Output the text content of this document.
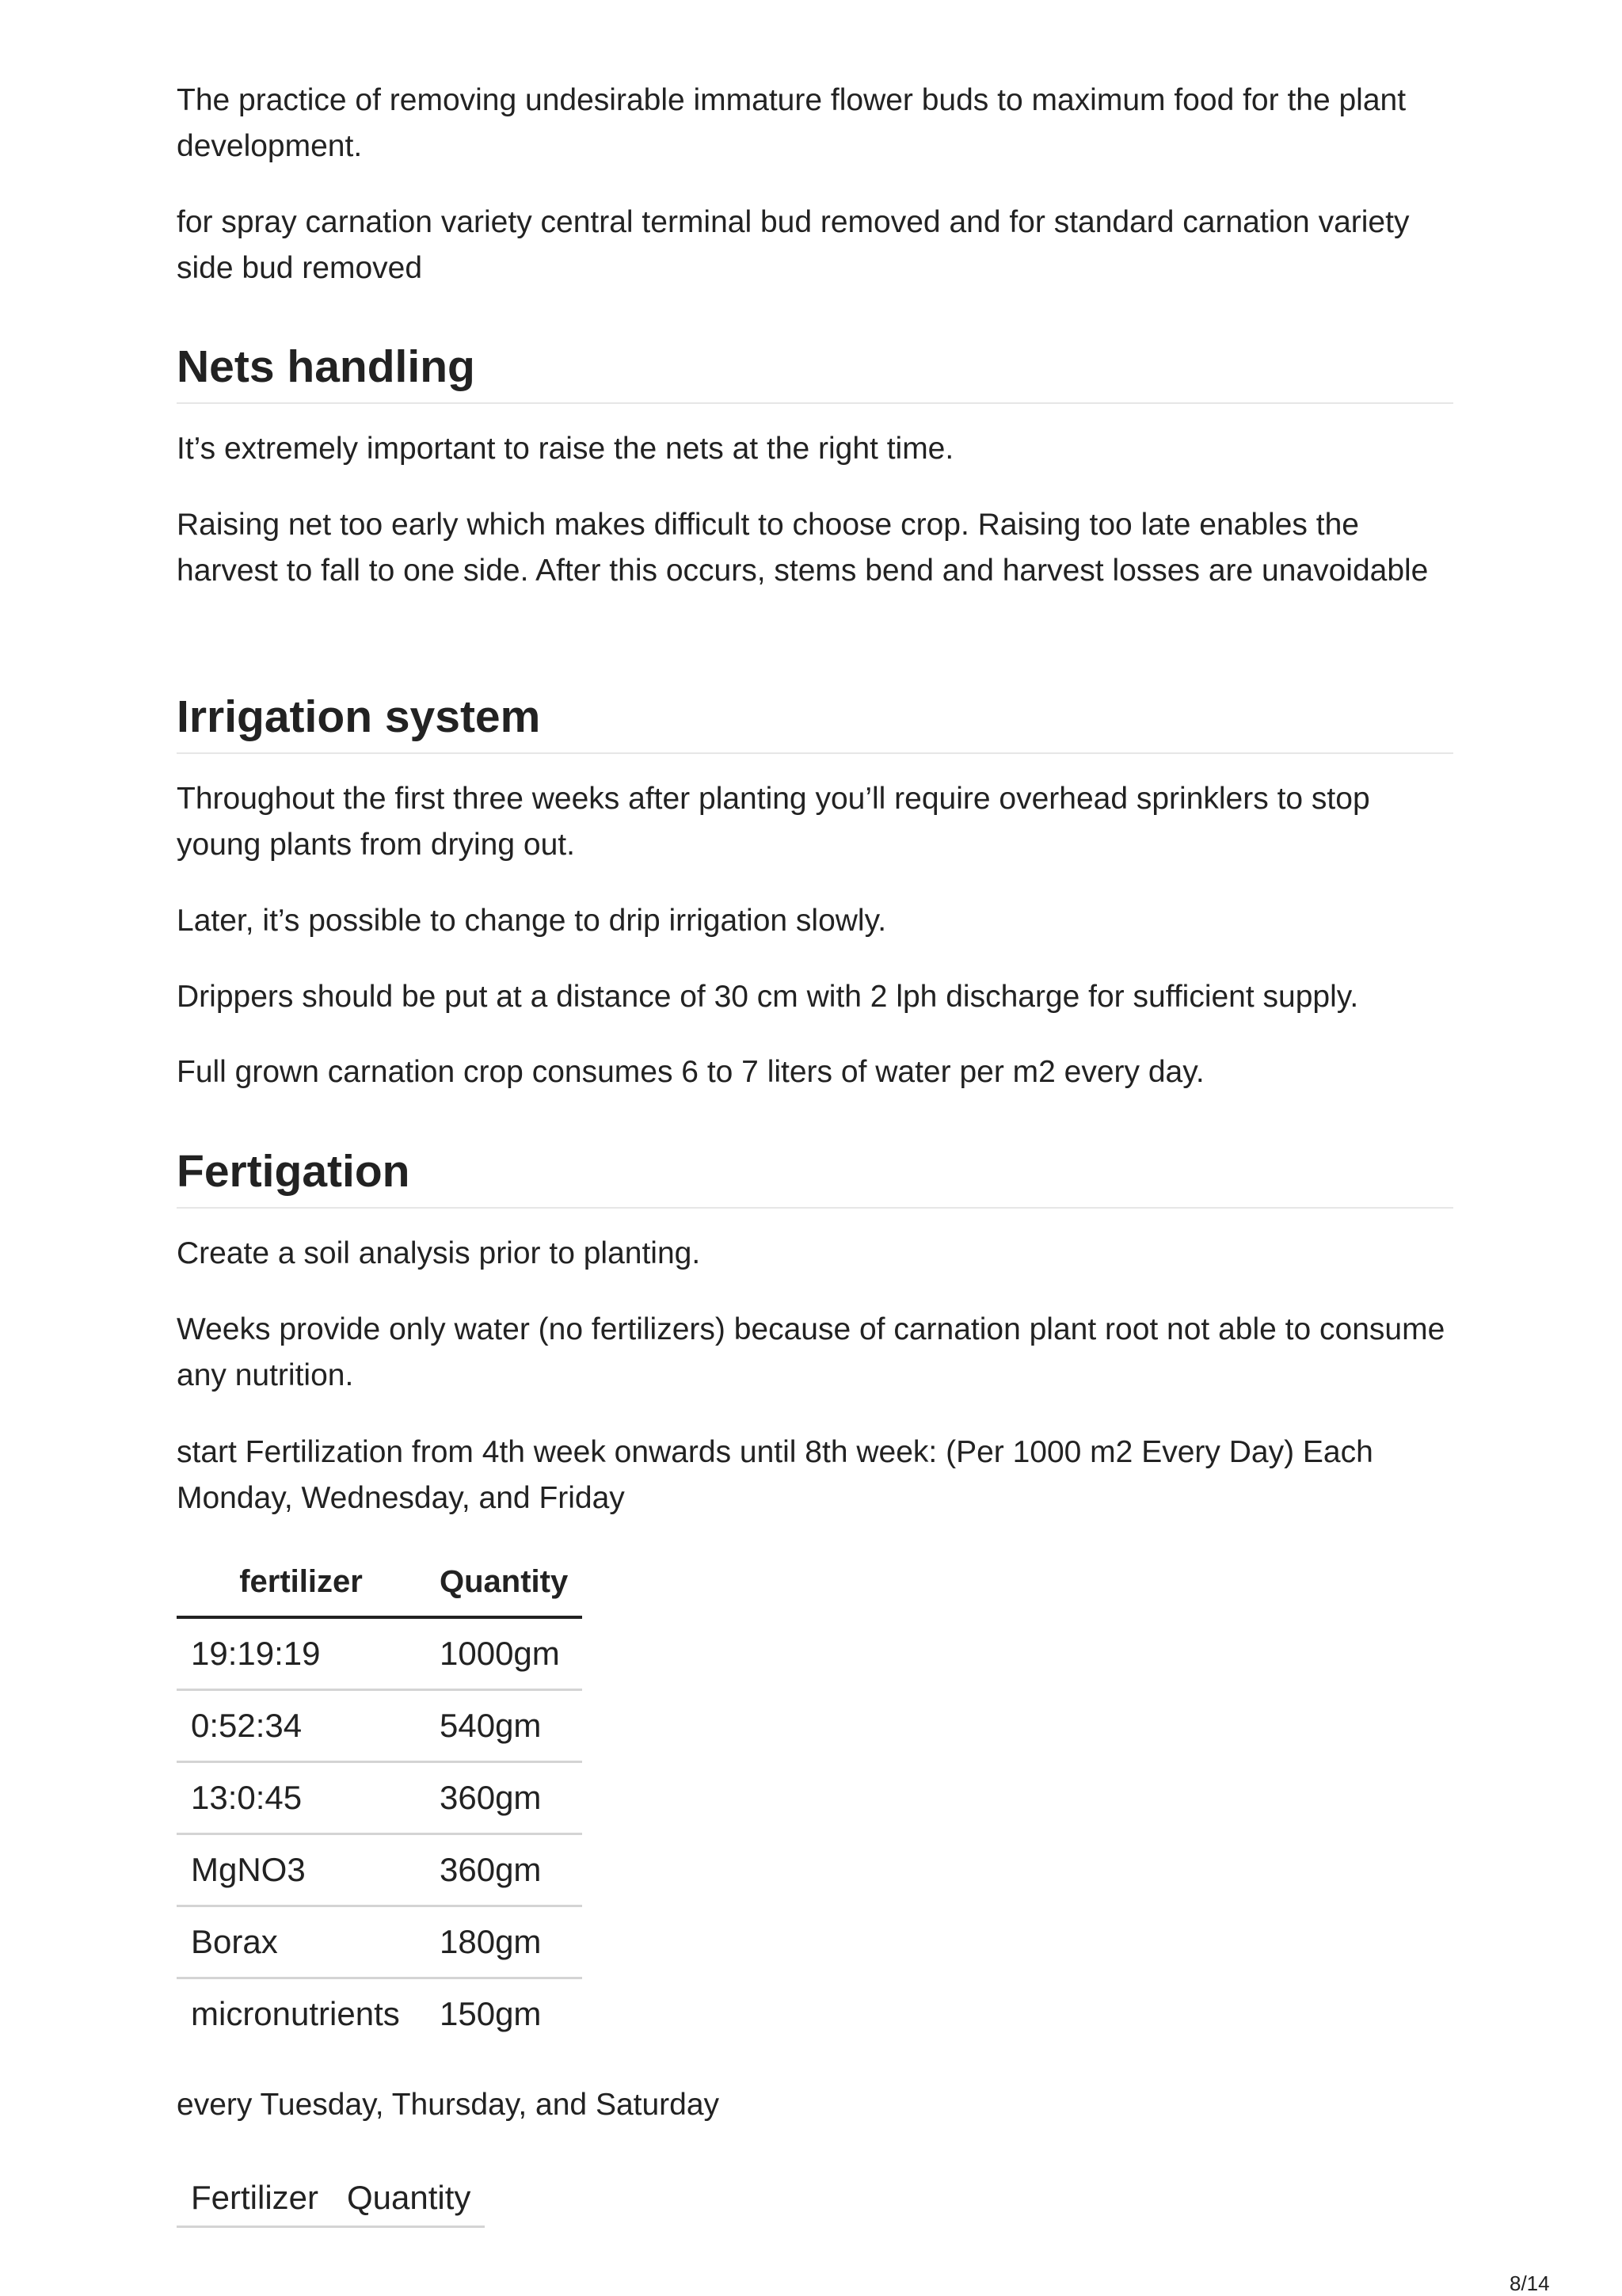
The practice of removing undesirable immature flower buds to maximum food for the plant development.

for spray carnation variety central terminal bud removed and for standard carnation variety side bud removed

Nets handling

It’s extremely important to raise the nets at the right time.

Raising net too early which makes difficult to choose crop. Raising too late enables the harvest to fall to one side. After this occurs, stems bend and harvest losses are unavoidable

Irrigation system

Throughout the first three weeks after planting you’ll require overhead sprinklers to stop young plants from drying out.

Later, it’s possible to change to drip irrigation slowly.

Drippers should be put at a distance of 30 cm with 2 lph discharge for sufficient supply.

Full grown carnation crop consumes 6 to 7 liters of water per m2 every day.

Fertigation

Create a soil analysis prior to planting.

Weeks provide only water (no fertilizers) because of carnation plant root not able to consume any nutrition.

start Fertilization from 4th week onwards until 8th week: (Per 1000 m2 Every Day) Each Monday, Wednesday, and Friday

fertilizer	Quantity
19:19:19	1000gm
0:52:34	540gm
13:0:45	360gm
MgNO3	360gm
Borax	180gm
micronutrients	150gm

every Tuesday, Thursday, and Saturday

Fertilizer	Quantity
8/14
